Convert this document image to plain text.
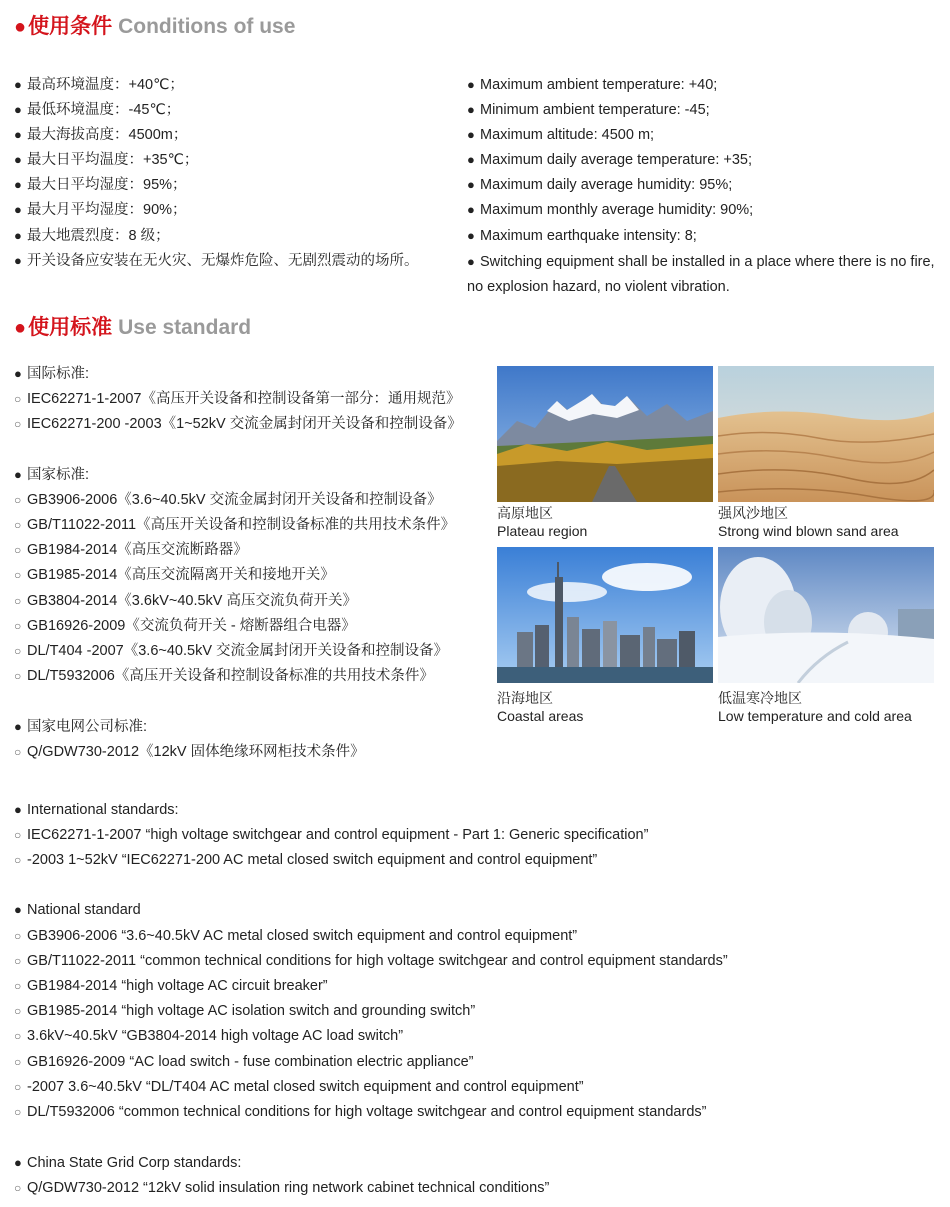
●使用条件 Conditions of use
● 最高环境温度：+40℃；
● 最低环境温度：-45℃；
● 最大海拔高度：4500m；
● 最大日平均温度：+35℃；
● 最大日平均湿度：95%；
● 最大月平均湿度：90%；
● 最大地震烈度：8 级；
● 开关设备应安装在无火灾、无爆炸危险、无剧烈震动的场所。
● Maximum ambient temperature: +40;
● Minimum ambient temperature: -45;
● Maximum altitude: 4500 m;
● Maximum daily average temperature: +35;
● Maximum daily average humidity: 95%;
● Maximum monthly average humidity: 90%;
● Maximum earthquake intensity: 8;
● Switching equipment shall be installed in a place where there is no fire, no explosion hazard, no violent vibration.
●使用标准 Use standard
● 国际标准:
○ IEC62271-1-2007《高压开关设备和控制设备第一部分：通用规范》
○ IEC62271-200 -2003《1~52kV 交流金属封闭开关设备和控制设备》
● 国家标准:
○ GB3906-2006《3.6~40.5kV 交流金属封闭开关设备和控制设备》
○ GB/T11022-2011《高压开关设备和控制设备标准的共用技术条件》
○ GB1984-2014《高压交流断路器》
○ GB1985-2014《高压交流隔离开关和接地开关》
○ GB3804-2014《3.6kV~40.5kV 高压交流负荷开关》
○ GB16926-2009《交流负荷开关 - 熔断器组合电器》
○ DL/T404 -2007《3.6~40.5kV 交流金属封闭开关设备和控制设备》
○ DL/T5932006《高压开关设备和控制设备标准的共用技术条件》
● 国家电网公司标准:
○ Q/GDW730-2012《12kV 固体绝缘环网柜技术条件》
高原地区
Plateau region
强风沙地区
Strong wind blown sand area
沿海地区
Coastal areas
低温寒冷地区
Low temperature and cold area
● International standards:
○ IEC62271-1-2007 “high voltage switchgear and control equipment - Part 1: Generic specification”
○ -2003 1~52kV “IEC62271-200 AC metal closed switch equipment and control equipment”
● National standard
○ GB3906-2006 “3.6~40.5kV AC metal closed switch equipment and control equipment”
○ GB/T11022-2011 “common technical conditions for high voltage switchgear and control equipment standards”
○ GB1984-2014 “high voltage AC circuit breaker”
○ GB1985-2014 “high voltage AC isolation switch and grounding switch”
○ 3.6kV~40.5kV “GB3804-2014 high voltage AC load switch”
○ GB16926-2009 “AC load switch - fuse combination electric appliance”
○ -2007 3.6~40.5kV “DL/T404 AC metal closed switch equipment and control equipment”
○ DL/T5932006 “common technical conditions for high voltage switchgear and control equipment standards”
● China State Grid Corp standards:
○ Q/GDW730-2012 “12kV solid insulation ring network cabinet technical conditions”
